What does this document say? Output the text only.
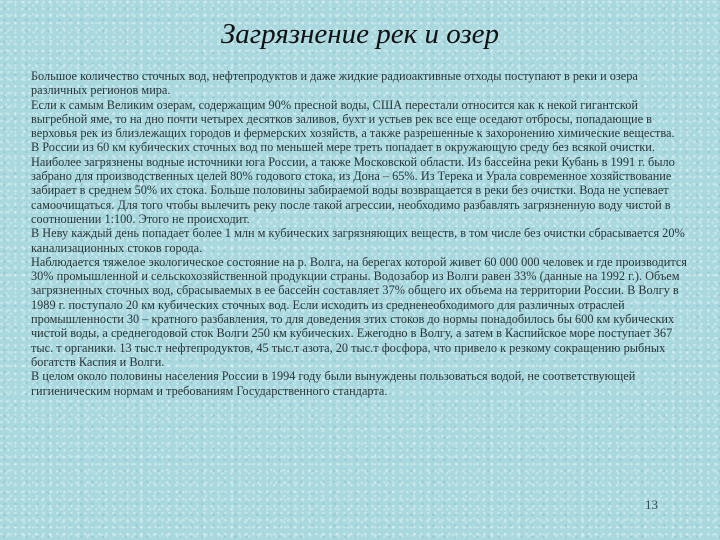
Загрязнение рек и озер

Большое количество сточных вод, нефтепродуктов и даже жидкие радиоактивные отходы поступают в реки и озера различных регионов мира.

Если к самым Великим озерам, содержащим 90% пресной воды, США перестали относится как к некой гигантской выгребной яме, то на дно почти четырех десятков заливов, бухт и устьев рек все еще оседают отбросы, попадающие в верховья рек из близлежащих городов и фермерских хозяйств, а также разрешенные к захоронению химические вещества.

В России из 60 км кубических сточных вод по меньшей мере треть попадает в окружающую среду без всякой очистки. Наиболее загрязнены водные источники юга России, а также Московской области. Из бассейна реки Кубань в 1991 г. было забрано для производственных целей 80% годового стока, из Дона – 65%. Из Терека и Урала современное хозяйствование забирает в среднем 50% их стока. Больше половины забираемой воды возвращается в реки без очистки. Вода не успевает самоочищаться. Для того чтобы вылечить реку после такой агрессии, необходимо разбавлять загрязненную воду чистой в соотношении 1:100. Этого не происходит.

В Неву каждый день попадает более 1 млн м кубических загрязняющих веществ, в том числе без очистки сбрасывается 20% канализационных стоков города.

Наблюдается тяжелое экологическое состояние на р. Волга, на берегах которой живет 60 000 000 человек и где производится 30% промышленной и сельскохозяйственной продукции страны. Водозабор из Волги равен 33% (данные на 1992 г.). Объем загрязненных сточных вод, сбрасываемых в ее бассейн составляет 37% общего их объема на территории России. В Волгу в 1989 г. поступало 20 км кубических сточных вод. Если исходить из средненеобходимого для различных отраслей промышленности 30 – кратного разбавления, то для доведения этих стоков до нормы понадобилось бы 600 км кубических чистой воды, а среднегодовой сток Волги 250 км кубических. Ежегодно в Волгу, а затем в Каспийское море поступает 367 тыс. т органики. 13 тыс.т нефтепродуктов, 45 тыс.т азота, 20 тыс.т фосфора, что привело к резкому сокращению рыбных богатств Каспия и Волги.

В целом около половины населения России в 1994 году были вынуждены пользоваться водой, не соответствующей гигиеническим нормам и требованиям Государственного стандарта.

13
